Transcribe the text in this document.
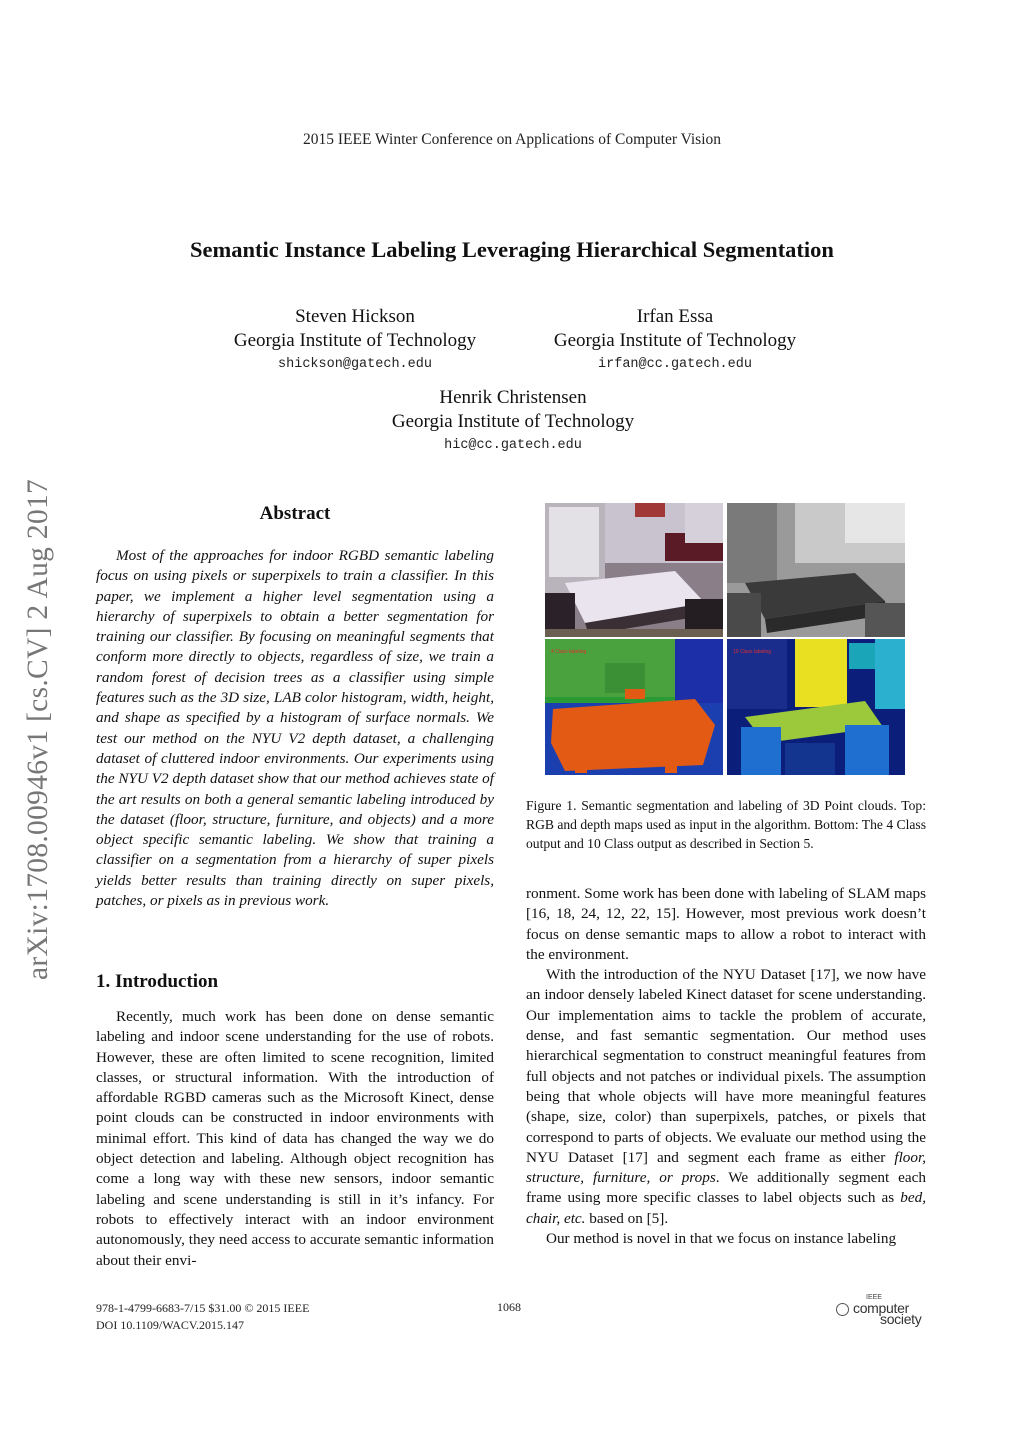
2015 IEEE Winter Conference on Applications of Computer Vision
Semantic Instance Labeling Leveraging Hierarchical Segmentation
Steven Hickson
Georgia Institute of Technology
shickson@gatech.edu
Irfan Essa
Georgia Institute of Technology
irfan@cc.gatech.edu
Henrik Christensen
Georgia Institute of Technology
hic@cc.gatech.edu
arXiv:1708.00946v1 [cs.CV] 2 Aug 2017	Abstract
Most of the approaches for indoor RGBD semantic labeling focus on using pixels or superpixels to train a classifier. In this paper, we implement a higher level segmentation using a hierarchy of superpixels to obtain a better segmentation for training our classifier. By focusing on meaningful segments that conform more directly to objects, regardless of size, we train a random forest of decision trees as a classifier using simple features such as the 3D size, LAB color histogram, width, height, and shape as specified by a histogram of surface normals. We test our method on the NYU V2 depth dataset, a challenging dataset of cluttered indoor environments. Our experiments using the NYU V2 depth dataset show that our method achieves state of the art results on both a general semantic labeling introduced by the dataset (floor, structure, furniture, and objects) and a more object specific semantic labeling. We show that training a classifier on a segmentation from a hierarchy of super pixels yields better results than training directly on super pixels, patches, or pixels as in previous work.
1. Introduction
Recently, much work has been done on dense semantic labeling and indoor scene understanding for the use of robots. However, these are often limited to scene recognition, limited classes, or structural information. With the introduction of affordable RGBD cameras such as the Microsoft Kinect, dense point clouds can be constructed in indoor environments with minimal effort. This kind of data has changed the way we do object detection and labeling. Although object recognition has come a long way with these new sensors, indoor semantic labeling and scene understanding is still in it’s infancy. For robots to effectively interact with an indoor environment autonomously, they need access to accurate semantic information about their envi-
4 Class labeling	10 Class labeling
Figure 1. Semantic segmentation and labeling of 3D Point clouds. Top: RGB and depth maps used as input in the algorithm. Bottom: The 4 Class output and 10 Class output as described in Section 5.

ronment. Some work has been done with labeling of SLAM maps [16, 18, 24, 12, 22, 15]. However, most previous work doesn’t focus on dense semantic maps to allow a robot to interact with the environment.

With the introduction of the NYU Dataset [17], we now have an indoor densely labeled Kinect dataset for scene understanding. Our implementation aims to tackle the problem of accurate, dense, and fast semantic segmentation. Our method uses hierarchical segmentation to construct meaningful features from full objects and not patches or individual pixels. The assumption being that whole objects will have more meaningful features (shape, size, color) than superpixels, patches, or pixels that correspond to parts of objects. We evaluate our method using the NYU Dataset [17] and segment each frame as either floor, structure, furniture, or props. We additionally segment each frame using more specific classes to label objects such as bed, chair, etc. based on [5].

Our method is novel in that we focus on instance labeling

978-1-4799-6683-7/15 $31.00 © 2015 IEEE
DOI 10.1109/WACV.2015.147
1068
IEEE
computer
society
